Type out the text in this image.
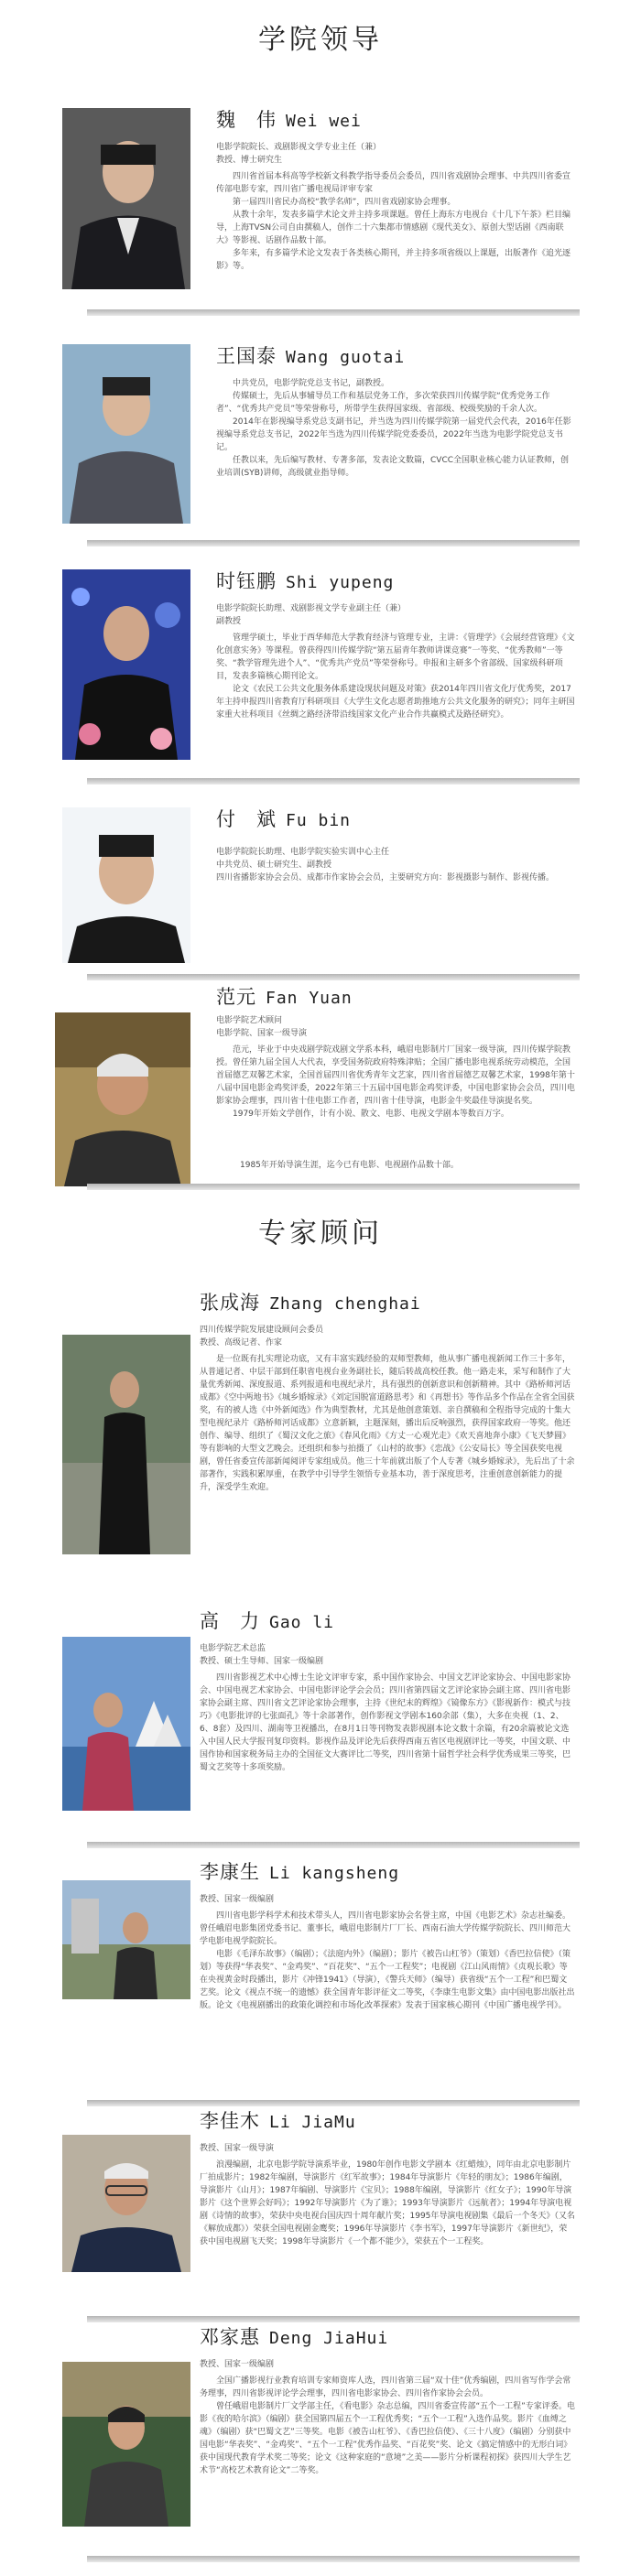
学院领导
魏　伟 Wei wei
电影学院院长、戏剧影视文学专业主任（兼）
教授、博士研究生

四川省首届本科高等学校新文科教学指导委员会委员，四川省戏剧协会理事、中共四川省委宣传部电影专家，四川省广播电视局评审专家

第一届四川省民办高校“教学名师”，四川省戏剧家协会理事。

从教十余年，发表多篇学术论文并主持多项课题。曾任上海东方电视台《十几下午茶》栏目编导，上海TVSN公司自由撰稿人，创作二十六集都市情感剧《现代美女》、原创大型话剧《西南联大》等影视、话剧作品数十部。

多年来，有多篇学术论文发表于各类核心期刊，并主持多项省级以上课题，出版著作《追光逐影》等。

王国泰 Wang guotai

中共党员，电影学院党总支书记，副教授。

传媒硕士，先后从事辅导员工作和基层党务工作，多次荣获四川传媒学院“优秀党务工作者”、“优秀共产党员”等荣誉称号，所带学生获得国家级、省部级、校级奖励的千余人次。

2014年在影视编导系党总支副书记，并当选为四川传媒学院第一届党代会代表，2016年任影视编导系党总支书记，2022年当选为四川传媒学院党委委员，2022年当选为电影学院党总支书记。

任教以来，先后编写教材、专著多部，发表论文数篇，CVCC全国职业核心能力认证教师，创业培训(SYB)讲师，高级就业指导师。

时钰鹏 Shi yupeng
电影学院院长助理、戏剧影视文学专业副主任（兼）
副教授

管理学硕士，毕业于西华师范大学教育经济与管理专业，主讲：《管理学》《会展经营管理》《文化创意实务》等课程。曾获得四川传媒学院“第五届青年教师讲课竞赛”一等奖、“优秀教师”一等奖、“教学管理先进个人”、“优秀共产党员”等荣誉称号。申报和主研多个省部级、国家级科研项目，发表多篇核心期刊论文。

论文《农民工公共文化服务体系建设现状问题及对策》获2014年四川省文化厅优秀奖，2017年主持申报四川省教育厅科研项目《大学生文化志愿者助推地方公共文化服务的研究》；同年主研国家重大社科项目《丝绸之路经济带沿线国家文化产业合作共赢模式及路径研究》。

付　斌 Fu bin
电影学院院长助理、电影学院实验实训中心主任
中共党员、硕士研究生、副教授
四川省播影家协会会员、成都市作家协会会员，主要研究方向：影视摄影与制作、影视传播。
范元 Fan Yuan
电影学院艺术顾问
电影学院、国家一级导演

范元，毕业于中央戏剧学院戏剧文学系本科，峨眉电影制片厂国家一级导演，四川传媒学院教授。曾任第九届全国人大代表，享受国务院政府特殊津贴；全国广播电影电视系统劳动模范，全国首届德艺双馨艺术家，全国首届四川省优秀青年文艺家，四川省首届德艺双馨艺术家，1998年第十八届中国电影金鸡奖评委，2022年第三十五届中国电影金鸡奖评委，中国电影家协会会员，四川电影家协会理事，四川省十佳电影工作者，四川省十佳导演，电影金牛奖最佳导演提名奖。

1979年开始文学创作，计有小说、散文、电影、电视文学剧本等数百万字。

1985年开始导演生涯，迄今已有电影、电视剧作品数十部。
专家顾问
张成海 Zhang chenghai
四川传媒学院发展建设顾问会委员
教授、高级记者、作家

是一位既有扎实理论功底，又有丰富实践经验的双师型教师，他从事广播电视新闻工作三十多年，从普通记者、中层干部到任职省电视台业务副社长，随后转战高校任教。他一路走来，采写和制作了大量优秀新闻、深度报道、系列报道和电视纪录片，具有强烈的创新意识和创新精神。其中《路桥师河话成都》《空中两地书》《城乡婚嫁录》《刘定国脱富道路思考》和《再想书》等作品多个作品在全省全国获奖，有的被人选《中外新闻选》作为典型教材，尤其是他创意策划、亲自撰稿和全程指导完成的十集大型电视纪录片《路桥师河话成都》立意新颖，主题深刻，播出后反响强烈，获得国家政府一等奖。他还创作、编导、组织了《蜀汉文化之旅》《春风化雨》《方丈一心观光走》《欢天喜地奔小康》《飞天梦圆》等有影响的大型文艺晚会。还组织和参与拍摄了《山村的故事》《恋战》《公安局长》等全国获奖电视剧，曾任省委宣传部新闻阅评专家组成员。他三十年前就出版了个人专著《城乡婚嫁录》，先后出了十余部著作，实践积累厚重，在教学中引导学生领悟专业基本功，善于深度思考，注重创意创新能力的提升，深受学生欢迎。

高　力 Gao li
电影学院艺术总监
教授、硕士生导师、国家一级编剧

四川省影视艺术中心博士生论文评审专家，系中国作家协会、中国文艺评论家协会、中国电影家协会、中国电视艺术家协会、中国电影评论学会会员；四川省第四届文艺评论家协会副主席、四川省电影家协会副主席、四川省文艺评论家协会理事，主持《世纪末的辉煌》《镜像东方》《影视新作：模式与技巧》《电影批评的七张面孔》等十余部著作，创作影视文学剧本160余部（集），大多在央视（1、2、6、8套）及四川、湖南等卫视播出，在8月1日等刊物发表影视剧本论文数十余篇，有20余篇被论文选入中国人民大学报刊复印资料。影视作品及评论先后获得西南五省区电视剧评比一等奖，中国文联、中国作协和国家税务局主办的全国征文大赛评比二等奖，四川省第十届哲学社会科学优秀成果三等奖，巴蜀文艺奖等十多项奖励。

李康生 Li kangsheng
教授、国家一级编剧

四川省电影学科学术和技术带头人，四川省电影家协会名誉主席，中国《电影艺术》杂志社编委。曾任峨眉电影集团党委书记、董事长，峨眉电影制片厂厂长、西南石油大学传媒学院院长、四川师范大学电影电视学院院长。

电影《毛泽东故事》（编剧）；《法庭内外》（编剧）；影片《被告山杠爷》（策划）《香巴拉信使》（策划）等获得“华表奖”、“金鸡奖”、“百花奖”、“五个一工程奖”；电视剧《江山风雨情》《贞观长歌》等在央视黄金时段播出，影片《冲锋1941》（导演），《警兵天师》（编导）获省级“五个一工程”和巴蜀文艺奖。论文《视点不统一的遗憾》获全国青年影评征文二等奖，《李康生电影文集》由中国电影出版社出版。论文《电视剧播出的政策化调控和市场化改革探索》发表于国家核心期刊《中国广播电视学刊》。

李佳木 Li JiaMu
教授、国家一级导演

浪漫编剧，北京电影学院导演系毕业，1980年创作电影文学剧本《红蜡烛》，同年由北京电影制片厂拍成影片；1982年编剧，导演影片《红军故事》；1984年导演影片《年轻的朋友》；1986年编剧，导演影片《山月》；1987年编剧、导演影片《宝贝》；1988年编剧，导演影片《红女子》；1990年导演影片《这个世界会好吗》；1992年导演影片《为了谁》；1993年导演影片《远航者》；1994年导演电视剧《诗情的故事》，荣获中央电视台国庆四十周年献片奖；1995年导演电视剧集《最后一个冬天》（又名《解放成都》）荣获全国电视剧金鹰奖；1996年导演影片《李书军》，1997年导演影片《新世纪》，荣获中国电视剧飞天奖；1998年导演影片《一个都不能少》，荣获五个一工程奖。

邓家惠 Deng JiaHui
教授、国家一级编剧

全国广播影视行业教育培训专家师资库人选，四川省第三届“双十佳”优秀编剧，四川省写作学会常务理事，四川省影视评论学会理事，四川省电影家协会、四川省作家协会会员。

曾任峨眉电影制片厂文学部主任，《看电影》杂志总编，四川省委宣传部“五个一工程”专家评委。电影《夜的哈尔滨》（编剧）获全国第四届五个一工程优秀奖；“五个一工程”入选作品奖。影片《血缚之魂》（编剧）获“巴蜀文艺”三等奖。电影《被告山杠爷》、《香巴拉信使》、《三十八度》（编剧）分别获中国电影“华表奖”、“金鸡奖”、“五个一工程”优秀作品奖、“百花奖”奖、论文《搞定情感中的无形白词》获中国现代教育学术奖二等奖；论文《这种家庭的“意境”之美——影片分析课程初探》获四川大学生艺术节“高校艺术教育论文”二等奖。
